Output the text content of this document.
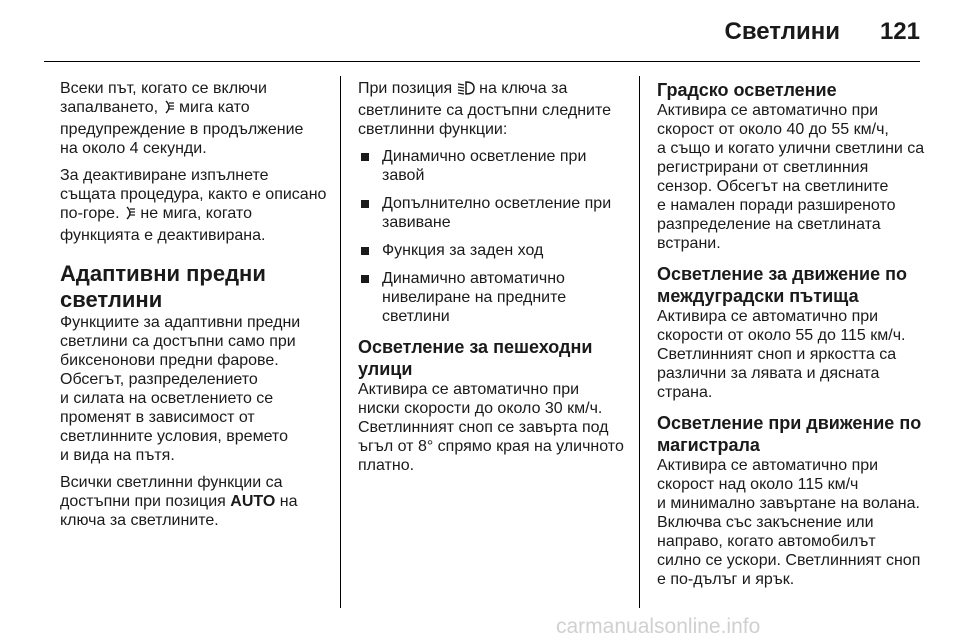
Светлини	121

Всеки път, когато се включи
запалването,  мига като
предупреждение в продължение
на около 4 секунди.

За деактивиране изпълнете
същата процедура, както е описано
по-горе.  не мига, когато
функцията е деактивирана.

Адаптивни предни светлини

Функциите за адаптивни предни
светлини са достъпни само при
биксенонови предни фарове.
Обсегът, разпределението
и силата на осветлението се
променят в зависимост от
светлинните условия, времето
и вида на пътя.

Всички светлинни функции са
достъпни при позиция AUTO на
ключа за светлините.

При позиция  на ключа за
светлините са достъпни следните
светлинни функции:

Динамично осветление при
завой
Допълнително осветление при
завиване
Функция за заден ход
Динамично автоматично
нивелиране на предните
светлини

Осветление за пешеходни
улици

Активира се автоматично при
ниски скорости до около 30 км/ч.
Светлинният сноп се завърта под
ъгъл от 8° спрямо края на уличното
платно.

Градско осветление

Активира се автоматично при
скорост от около 40 до 55 км/ч,
а също и когато улични светлини са
регистрирани от светлинния
сензор. Обсегът на светлините
е намален поради разширеното
разпределение на светлината
встрани.

Осветление за движение по
междуградски пътища

Активира се автоматично при
скорости от около 55 до 115 км/ч.
Светлинният сноп и яркостта са
различни за лявата и дясната
страна.

Осветление при движение по
магистрала

Активира се автоматично при
скорост над около 115 км/ч
и минимално завъртане на волана.
Включва със закъснение или
направо, когато автомобилът
силно се ускори. Светлинният сноп
е по-дълъг и ярък.

carmanualsonline.info
